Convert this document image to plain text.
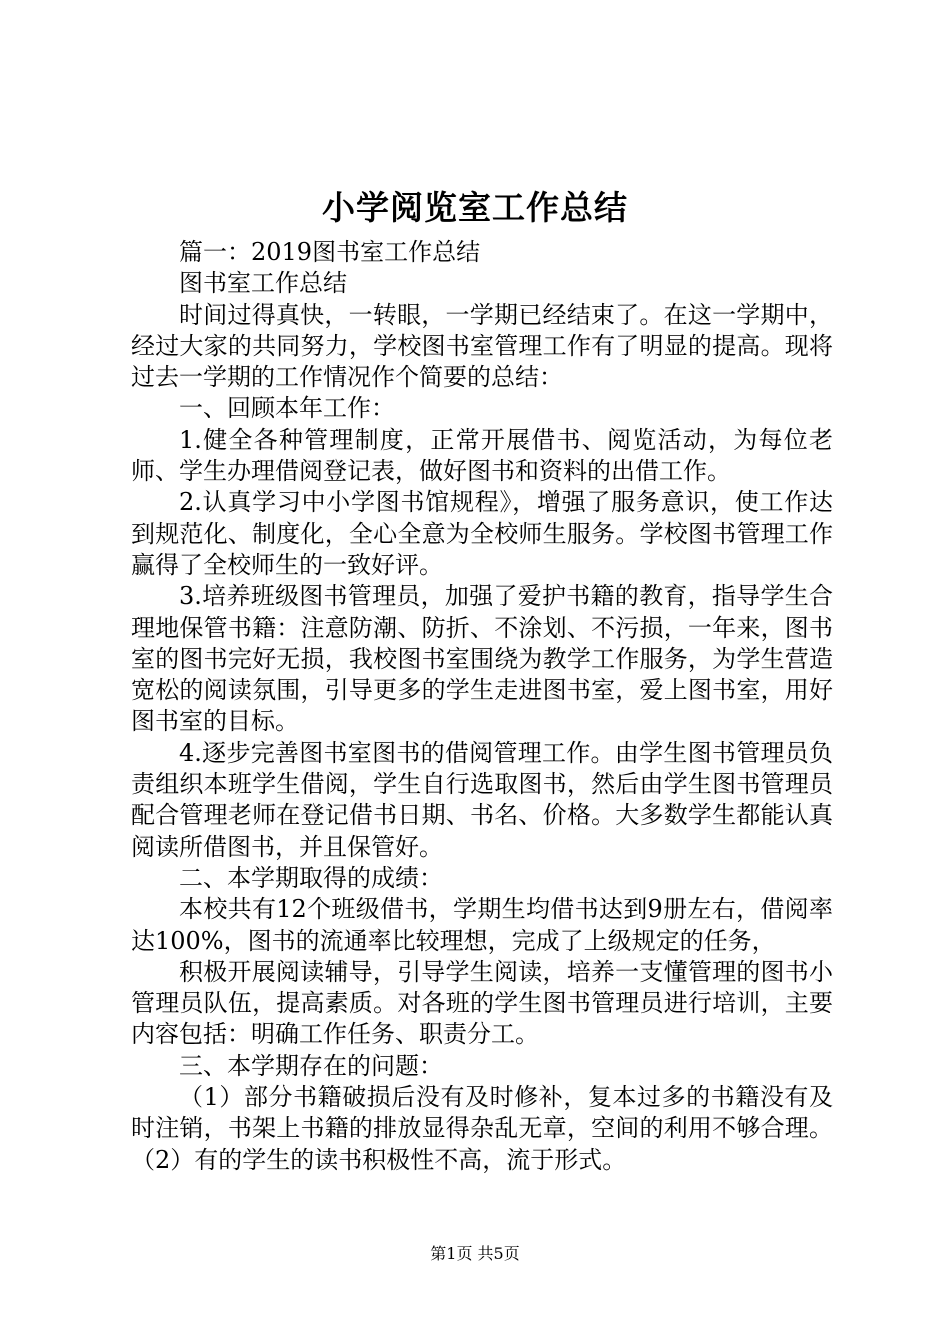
小学阅览室工作总结

篇一：2019图书室工作总结

图书室工作总结

时间过得真快，一转眼，一学期已经结束了。在这一学期中，经过大家的共同努力，学校图书室管理工作有了明显的提高。现将过去一学期的工作情况作个简要的总结：

一、回顾本年工作：

1.健全各种管理制度，正常开展借书、阅览活动，为每位老师、学生办理借阅登记表，做好图书和资料的出借工作。

2.认真学习中小学图书馆规程》，增强了服务意识，使工作达到规范化、制度化，全心全意为全校师生服务。学校图书管理工作赢得了全校师生的一致好评。

3.培养班级图书管理员，加强了爱护书籍的教育，指导学生合理地保管书籍：注意防潮、防折、不涂划、不污损，一年来，图书室的图书完好无损，我校图书室围绕为教学工作服务，为学生营造宽松的阅读氛围，引导更多的学生走进图书室，爱上图书室，用好图书室的目标。

4.逐步完善图书室图书的借阅管理工作。由学生图书管理员负责组织本班学生借阅，学生自行选取图书，然后由学生图书管理员配合管理老师在登记借书日期、书名、价格。大多数学生都能认真阅读所借图书，并且保管好。

二、本学期取得的成绩：

本校共有12个班级借书，学期生均借书达到9册左右，借阅率达100%，图书的流通率比较理想，完成了上级规定的任务，

积极开展阅读辅导，引导学生阅读，培养一支懂管理的图书小管理员队伍，提高素质。对各班的学生图书管理员进行培训，主要内容包括：明确工作任务、职责分工。

三、本学期存在的问题：

（1）部分书籍破损后没有及时修补，复本过多的书籍没有及时注销，书架上书籍的排放显得杂乱无章，空间的利用不够合理。（2）有的学生的读书积极性不高，流于形式。

第1页 共5页
